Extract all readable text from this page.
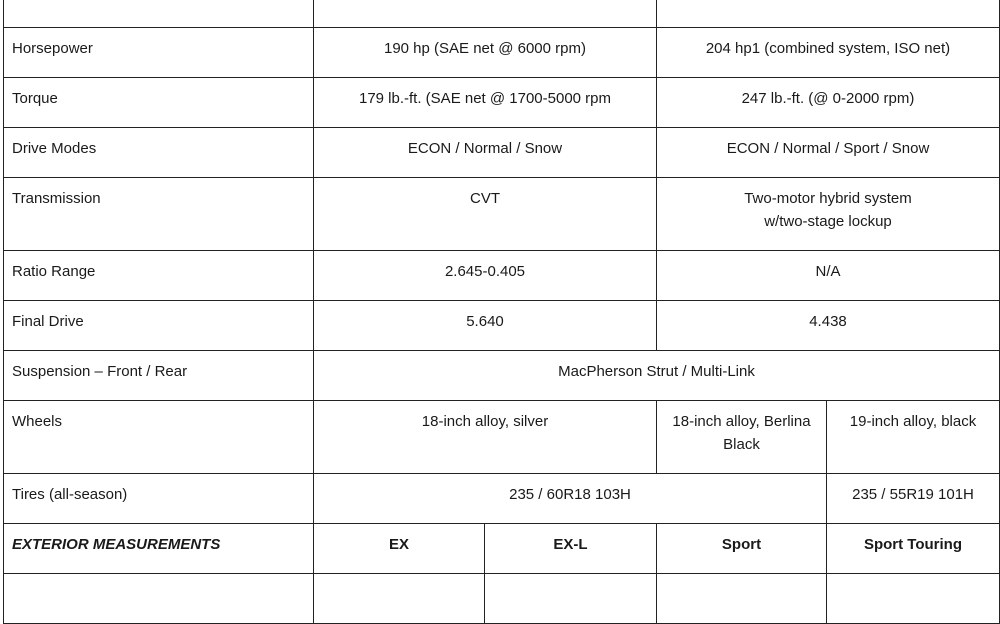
Horsepower	190 hp (SAE net @ 6000 rpm)		204 hp1 (combined system, ISO net)	
Torque	179 lb.-ft. (SAE net @ 1700-5000 rpm		247 lb.-ft. (@ 0-2000 rpm)	
Drive Modes	ECON / Normal / Snow		ECON / Normal / Sport / Snow	
Transmission	CVT		Two-motor hybrid system
w/two-stage lockup	
Ratio Range	2.645-0.405		N/A	
Final Drive	5.640		4.438	
Suspension – Front / Rear	MacPherson Strut / Multi-Link			
Wheels	18-inch alloy, silver		18-inch alloy, Berlina Black	19-inch alloy, black
Tires (all-season)	235 / 60R18 103H			235 / 55R19 101H
EXTERIOR MEASUREMENTS	EX	EX-L	Sport	Sport Touring
